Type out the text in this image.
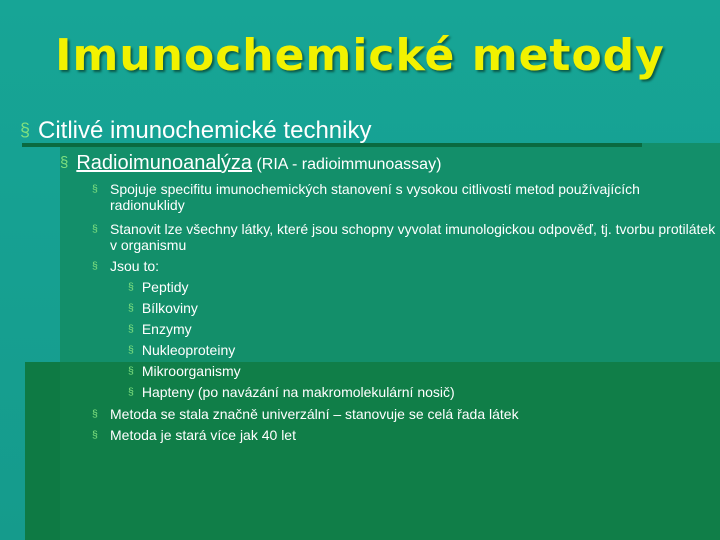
Imunochemické metody
§ Citlivé imunochemické techniky
§ Radioimunoanalýza (RIA - radioimmunoassay)
§ Spojuje specifitu imunochemických stanovení s vysokou citlivostí metod používajících radionuklidy
§ Stanovit lze všechny látky, které jsou schopny vyvolat imunologickou odpověď, tj. tvorbu protilátek v organismu
§ Jsou to:
§ Peptidy
§ Bílkoviny
§ Enzymy
§ Nukleoproteiny
§ Mikroorganismy
§ Hapteny (po navázání na makromolekulární nosič)
§ Metoda se stala značně univerzální – stanovuje se celá řada látek
§ Metoda je stará více jak 40 let
